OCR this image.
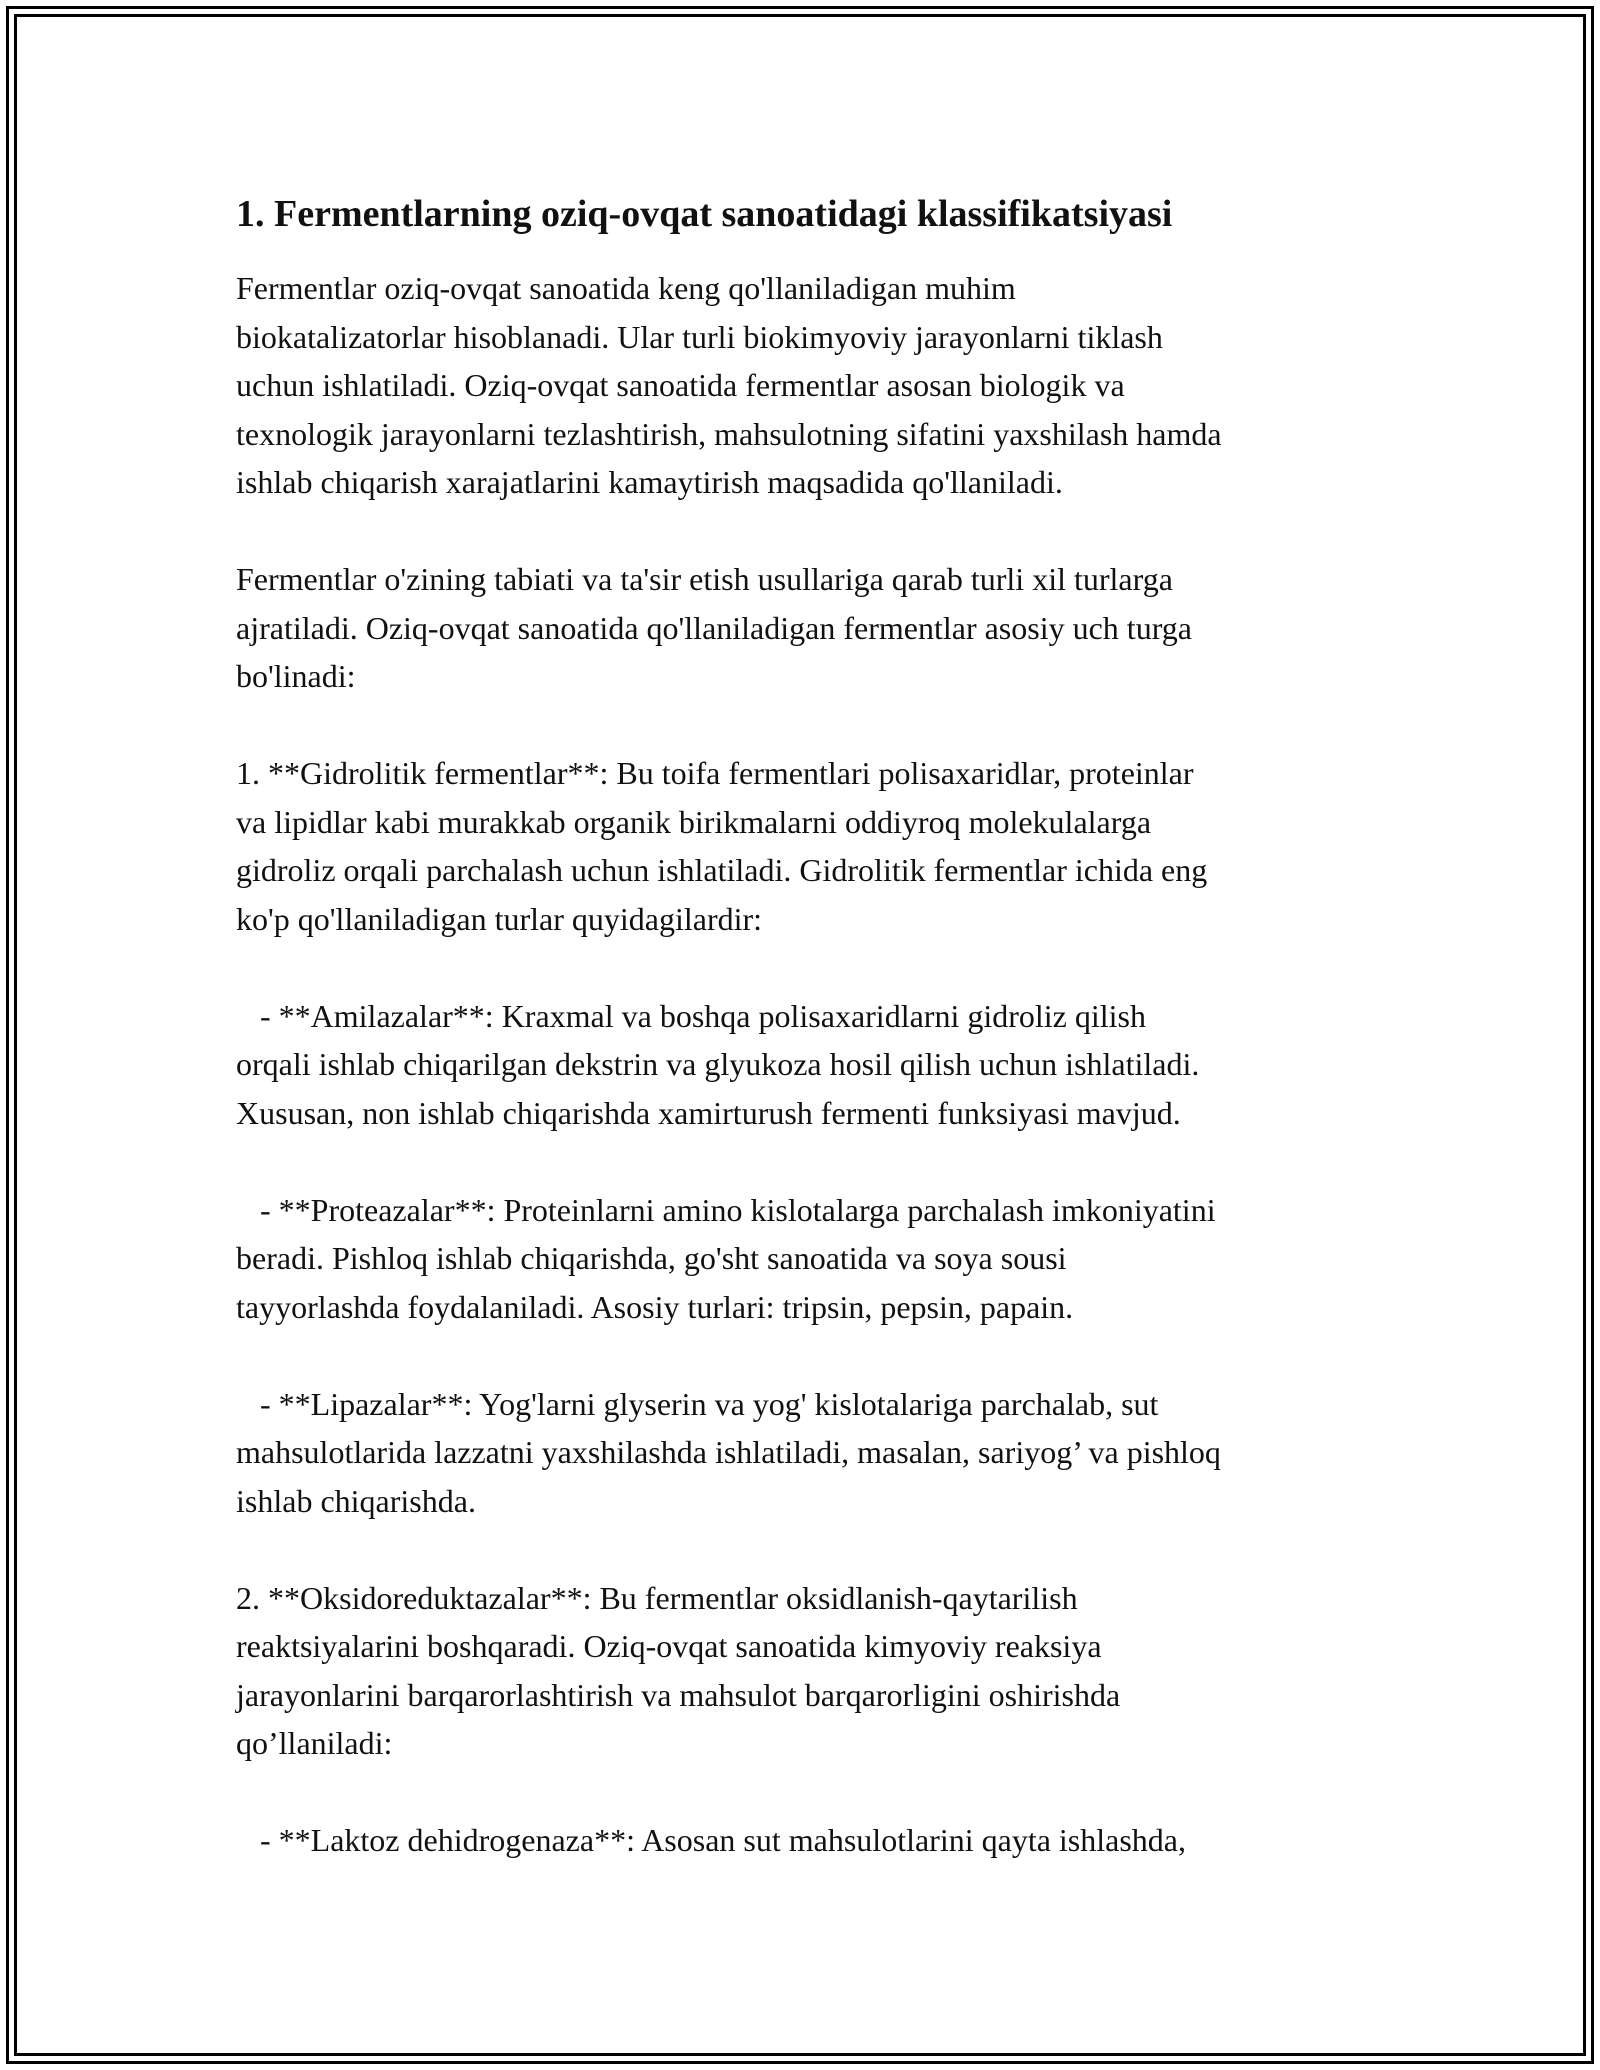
1. Fermentlarning oziq-ovqat sanoatidagi klassifikatsiyasi

Fermentlar oziq-ovqat sanoatida keng qo'llaniladigan muhim
biokatalizatorlar hisoblanadi. Ular turli biokimyoviy jarayonlarni tiklash
uchun ishlatiladi. Oziq-ovqat sanoatida fermentlar asosan biologik va
texnologik jarayonlarni tezlashtirish, mahsulotning sifatini yaxshilash hamda
ishlab chiqarish xarajatlarini kamaytirish maqsadida qo'llaniladi.

Fermentlar o'zining tabiati va ta'sir etish usullariga qarab turli xil turlarga
ajratiladi. Oziq-ovqat sanoatida qo'llaniladigan fermentlar asosiy uch turga
bo'linadi:

1. **Gidrolitik fermentlar**: Bu toifa fermentlari polisaxaridlar, proteinlar
va lipidlar kabi murakkab organik birikmalarni oddiyroq molekulalarga
gidroliz orqali parchalash uchun ishlatiladi. Gidrolitik fermentlar ichida eng
ko'p qo'llaniladigan turlar quyidagilardir:

- **Amilazalar**: Kraxmal va boshqa polisaxaridlarni gidroliz qilish
orqali ishlab chiqarilgan dekstrin va glyukoza hosil qilish uchun ishlatiladi.
Xususan, non ishlab chiqarishda xamirturush fermenti funksiyasi mavjud.

- **Proteazalar**: Proteinlarni amino kislotalarga parchalash imkoniyatini
beradi. Pishloq ishlab chiqarishda, go'sht sanoatida va soya sousi
tayyorlashda foydalaniladi. Asosiy turlari: tripsin, pepsin, papain.

- **Lipazalar**: Yog'larni glyserin va yog' kislotalariga parchalab, sut
mahsulotlarida lazzatni yaxshilashda ishlatiladi, masalan, sariyog’ va pishloq
ishlab chiqarishda.

2. **Oksidoreduktazalar**: Bu fermentlar oksidlanish-qaytarilish
reaktsiyalarini boshqaradi. Oziq-ovqat sanoatida kimyoviy reaksiya
jarayonlarini barqarorlashtirish va mahsulot barqarorligini oshirishda
qo’llaniladi:

- **Laktoz dehidrogenaza**: Asosan sut mahsulotlarini qayta ishlashda,
